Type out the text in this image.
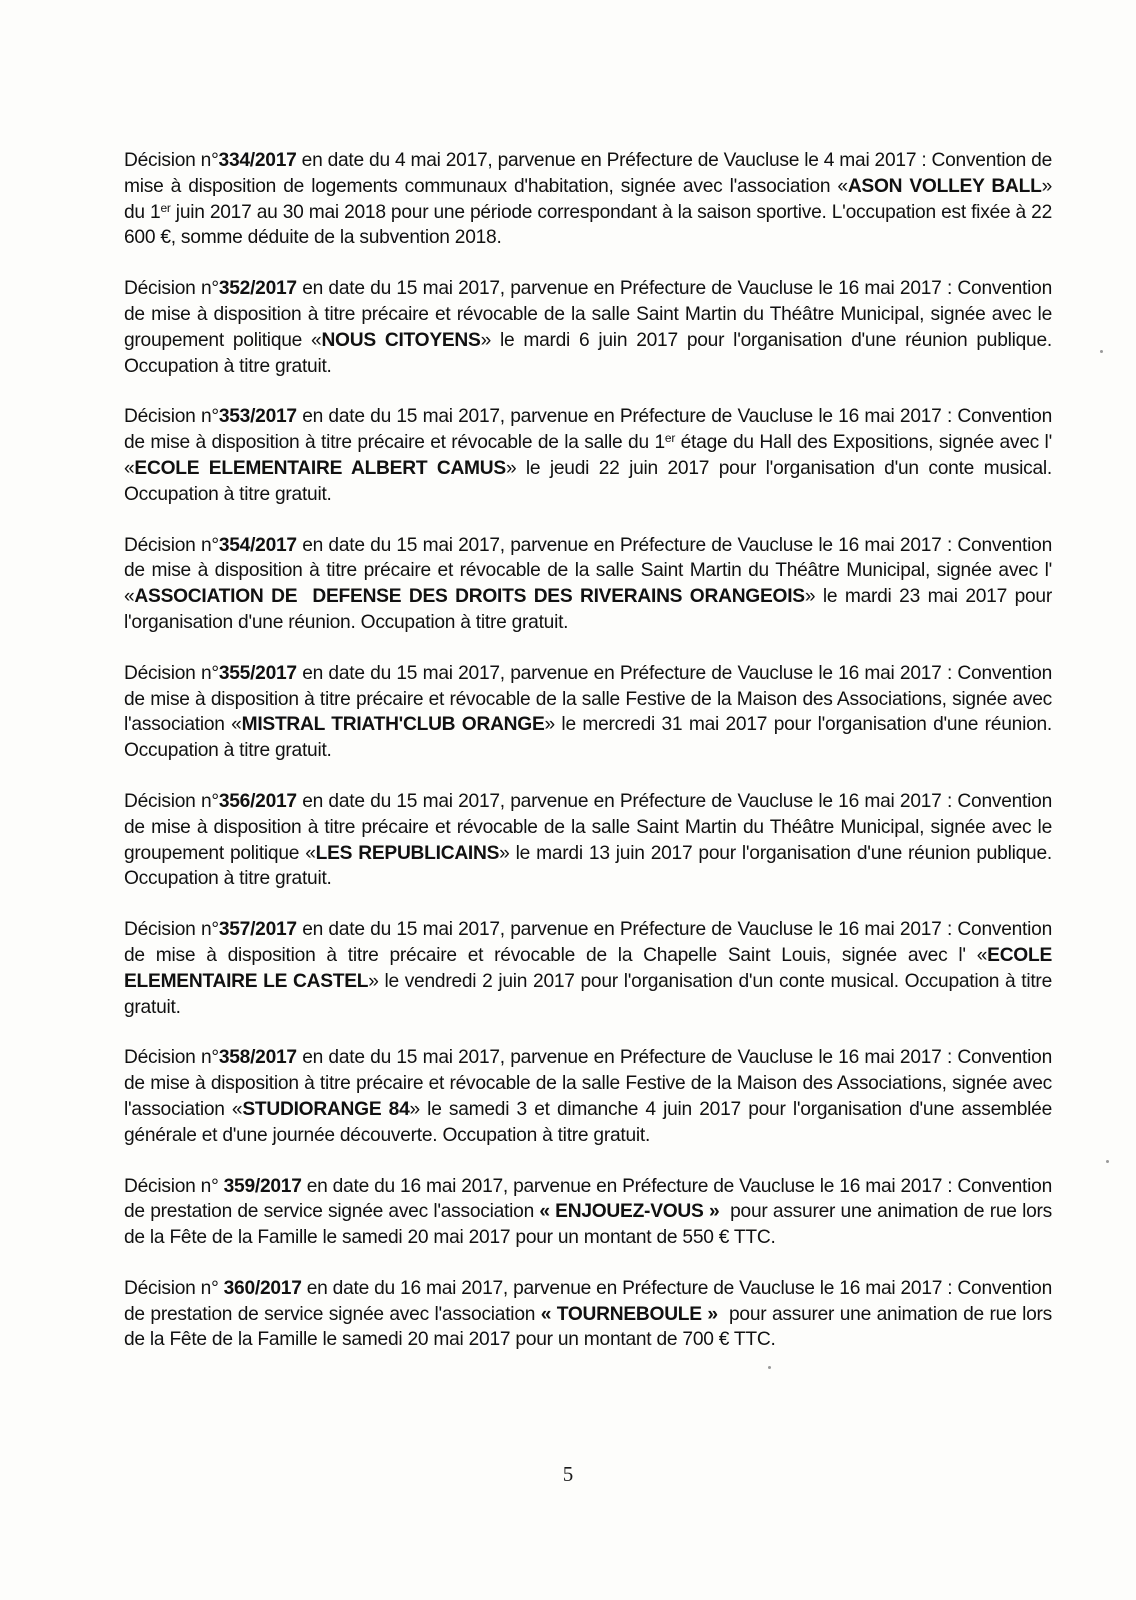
Décision n°334/2017 en date du 4 mai 2017, parvenue en Préfecture de Vaucluse le 4 mai 2017 : Convention de mise à disposition de logements communaux d'habitation, signée avec l'association «ASON VOLLEY BALL» du 1er juin 2017 au 30 mai 2018 pour une période correspondant à la saison sportive. L'occupation est fixée à 22 600 €, somme déduite de la subvention 2018.

Décision n°352/2017 en date du 15 mai 2017, parvenue en Préfecture de Vaucluse le 16 mai 2017 : Convention de mise à disposition à titre précaire et révocable de la salle Saint Martin du Théâtre Municipal, signée avec le groupement politique «NOUS CITOYENS» le mardi 6 juin 2017 pour l'organisation d'une réunion publique. Occupation à titre gratuit.

Décision n°353/2017 en date du 15 mai 2017, parvenue en Préfecture de Vaucluse le 16 mai 2017 : Convention de mise à disposition à titre précaire et révocable de la salle du 1er étage du Hall des Expositions, signée avec l' «ECOLE ELEMENTAIRE ALBERT CAMUS» le jeudi 22 juin 2017 pour l'organisation d'un conte musical. Occupation à titre gratuit.

Décision n°354/2017 en date du 15 mai 2017, parvenue en Préfecture de Vaucluse le 16 mai 2017 : Convention de mise à disposition à titre précaire et révocable de la salle Saint Martin du Théâtre Municipal, signée avec l' «ASSOCIATION DE  DEFENSE DES DROITS DES RIVERAINS ORANGEOIS» le mardi 23 mai 2017 pour l'organisation d'une réunion. Occupation à titre gratuit.

Décision n°355/2017 en date du 15 mai 2017, parvenue en Préfecture de Vaucluse le 16 mai 2017 : Convention de mise à disposition à titre précaire et révocable de la salle Festive de la Maison des Associations, signée avec l'association «MISTRAL TRIATH'CLUB ORANGE» le mercredi 31 mai 2017 pour l'organisation d'une réunion. Occupation à titre gratuit.

Décision n°356/2017 en date du 15 mai 2017, parvenue en Préfecture de Vaucluse le 16 mai 2017 : Convention de mise à disposition à titre précaire et révocable de la salle Saint Martin du Théâtre Municipal, signée avec le groupement politique «LES REPUBLICAINS» le mardi 13 juin 2017 pour l'organisation d'une réunion publique. Occupation à titre gratuit.

Décision n°357/2017 en date du 15 mai 2017, parvenue en Préfecture de Vaucluse le 16 mai 2017 : Convention de mise à disposition à titre précaire et révocable de la Chapelle Saint Louis, signée avec l' «ECOLE ELEMENTAIRE LE CASTEL» le vendredi 2 juin 2017 pour l'organisation d'un conte musical. Occupation à titre gratuit.

Décision n°358/2017 en date du 15 mai 2017, parvenue en Préfecture de Vaucluse le 16 mai 2017 : Convention de mise à disposition à titre précaire et révocable de la salle Festive de la Maison des Associations, signée avec l'association «STUDIORANGE 84» le samedi 3 et dimanche 4 juin 2017 pour l'organisation d'une assemblée générale et d'une journée découverte. Occupation à titre gratuit.

Décision n° 359/2017 en date du 16 mai 2017, parvenue en Préfecture de Vaucluse le 16 mai 2017 : Convention de prestation de service signée avec l'association « ENJOUEZ-VOUS »  pour assurer une animation de rue lors de la Fête de la Famille le samedi 20 mai 2017 pour un montant de 550 € TTC.

Décision n° 360/2017 en date du 16 mai 2017, parvenue en Préfecture de Vaucluse le 16 mai 2017 : Convention de prestation de service signée avec l'association « TOURNEBOULE »  pour assurer une animation de rue lors de la Fête de la Famille le samedi 20 mai 2017 pour un montant de 700 € TTC.

5
